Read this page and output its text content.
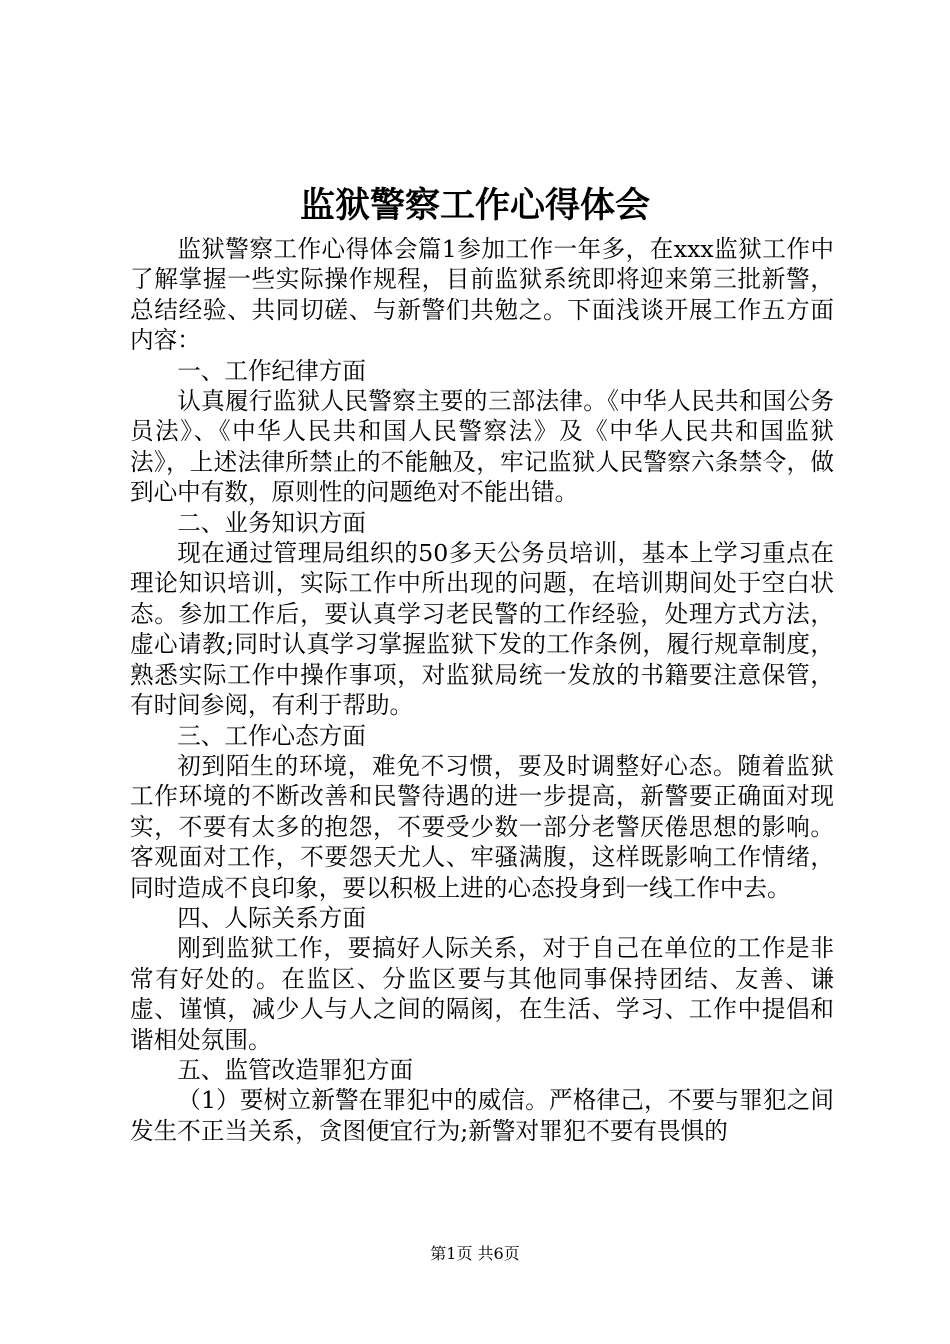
监狱警察工作心得体会

监狱警察工作心得体会篇1参加工作一年多，在xxx监狱工作中了解掌握一些实际操作规程，目前监狱系统即将迎来第三批新警，总结经验、共同切磋、与新警们共勉之。下面浅谈开展工作五方面内容：

一、工作纪律方面

认真履行监狱人民警察主要的三部法律。《中华人民共和国公务员法》、《中华人民共和国人民警察法》及《中华人民共和国监狱法》，上述法律所禁止的不能触及，牢记监狱人民警察六条禁令，做到心中有数，原则性的问题绝对不能出错。

二、业务知识方面

现在通过管理局组织的50多天公务员培训，基本上学习重点在理论知识培训，实际工作中所出现的问题，在培训期间处于空白状态。参加工作后，要认真学习老民警的工作经验，处理方式方法，虚心请教;同时认真学习掌握监狱下发的工作条例，履行规章制度，熟悉实际工作中操作事项，对监狱局统一发放的书籍要注意保管，有时间参阅，有利于帮助。

三、工作心态方面

初到陌生的环境，难免不习惯，要及时调整好心态。随着监狱工作环境的不断改善和民警待遇的进一步提高，新警要正确面对现实，不要有太多的抱怨，不要受少数一部分老警厌倦思想的影响。客观面对工作，不要怨天尤人、牢骚满腹，这样既影响工作情绪，同时造成不良印象，要以积极上进的心态投身到一线工作中去。

四、人际关系方面

刚到监狱工作，要搞好人际关系，对于自己在单位的工作是非常有好处的。在监区、分监区要与其他同事保持团结、友善、谦虚、谨慎，减少人与人之间的隔阂，在生活、学习、工作中提倡和谐相处氛围。

五、监管改造罪犯方面

（1）要树立新警在罪犯中的威信。严格律己，不要与罪犯之间发生不正当关系，贪图便宜行为;新警对罪犯不要有畏惧的

第1页 共6页
